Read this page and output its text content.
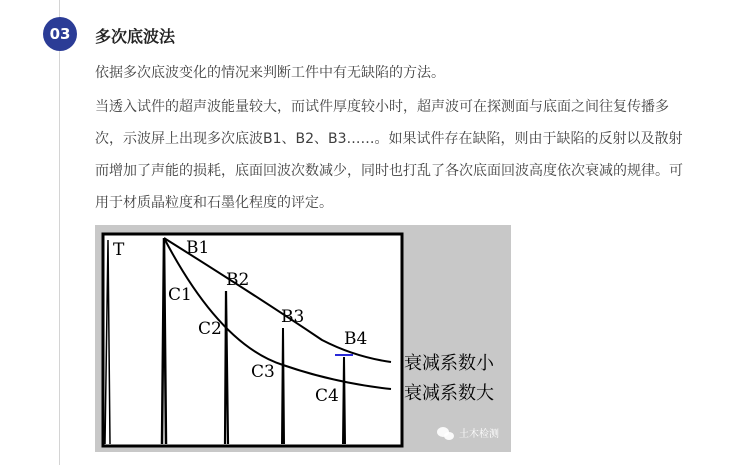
03	多次底波法
依据多次底波变化的情况来判断工件中有无缺陷的方法。
当透入试件的超声波能量较大，而试件厚度较小时，超声波可在探测面与底面之间往复传播多次，示波屏上出现多次底波B1、B2、B3……。如果试件存在缺陷，则由于缺陷的反射以及散射而增加了声能的损耗，底面回波次数减少，同时也打乱了各次底面回波高度依次衰减的规律。可用于材质晶粒度和石墨化程度的评定。
T	B1
B2
B3
B4
C1
C2
C3
C4
衰减系数小
衰减系数大
土木检测
